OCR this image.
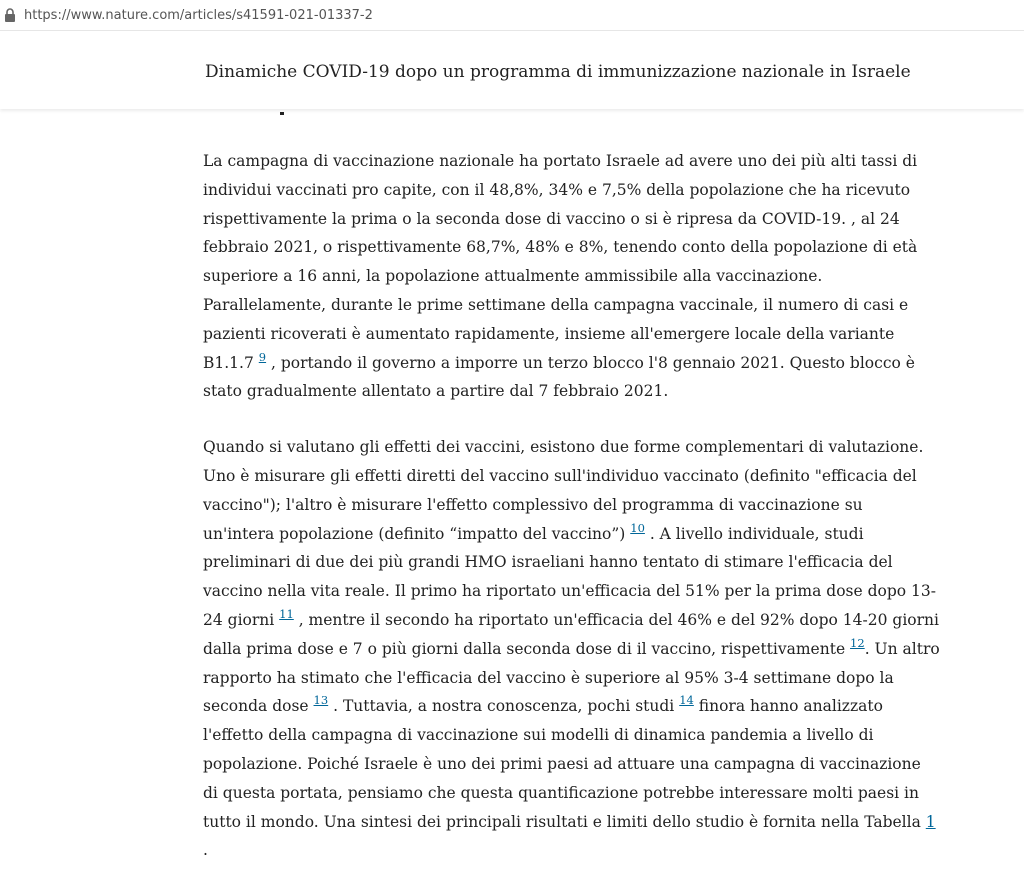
https://www.nature.com/articles/s41591-021-01337-2
Dinamiche COVID-19 dopo un programma di immunizzazione nazionale in Israele
La campagna di vaccinazione nazionale ha portato Israele ad avere uno dei più alti tassi di
individui vaccinati pro capite, con il 48,8%, 34% e 7,5% della popolazione che ha ricevuto
rispettivamente la prima o la seconda dose di vaccino o si è ripresa da COVID-19. , al 24
febbraio 2021, o rispettivamente 68,7%, 48% e 8%, tenendo conto della popolazione di età
superiore a 16 anni, la popolazione attualmente ammissibile alla vaccinazione.
Parallelamente, durante le prime settimane della campagna vaccinale, il numero di casi e
pazienti ricoverati è aumentato rapidamente, insieme all'emergere locale della variante
B1.1.7 $^9$ , portando il governo a imporre un terzo blocco l'8 gennaio 2021. Questo blocco è
stato gradualmente allentato a partire dal 7 febbraio 2021.
Quando si valutano gli effetti dei vaccini, esistono due forme complementari di valutazione.
Uno è misurare gli effetti diretti del vaccino sull'individuo vaccinato (definito "efficacia del
vaccino"); l'altro è misurare l'effetto complessivo del programma di vaccinazione su
un'intera popolazione (definito “impatto del vaccino”) $^{10}$ . A livello individuale, studi
preliminari di due dei più grandi HMO israeliani hanno tentato di stimare l'efficacia del
vaccino nella vita reale. Il primo ha riportato un'efficacia del 51% per la prima dose dopo 13-
24 giorni $^{11}$ , mentre il secondo ha riportato un'efficacia del 46% e del 92% dopo 14-20 giorni
dalla prima dose e 7 o più giorni dalla seconda dose di il vaccino, rispettivamente $^{12}$. Un altro
rapporto ha stimato che l'efficacia del vaccino è superiore al 95% 3-4 settimane dopo la
seconda dose $^{13}$ . Tuttavia, a nostra conoscenza, pochi studi $^{14}$ finora hanno analizzato
l'effetto della campagna di vaccinazione sui modelli di dinamica pandemia a livello di
popolazione. Poiché Israele è uno dei primi paesi ad attuare una campagna di vaccinazione
di questa portata, pensiamo che questa quantificazione potrebbe interessare molti paesi in
tutto il mondo. Una sintesi dei principali risultati e limiti dello studio è fornita nella Tabella 1
.
